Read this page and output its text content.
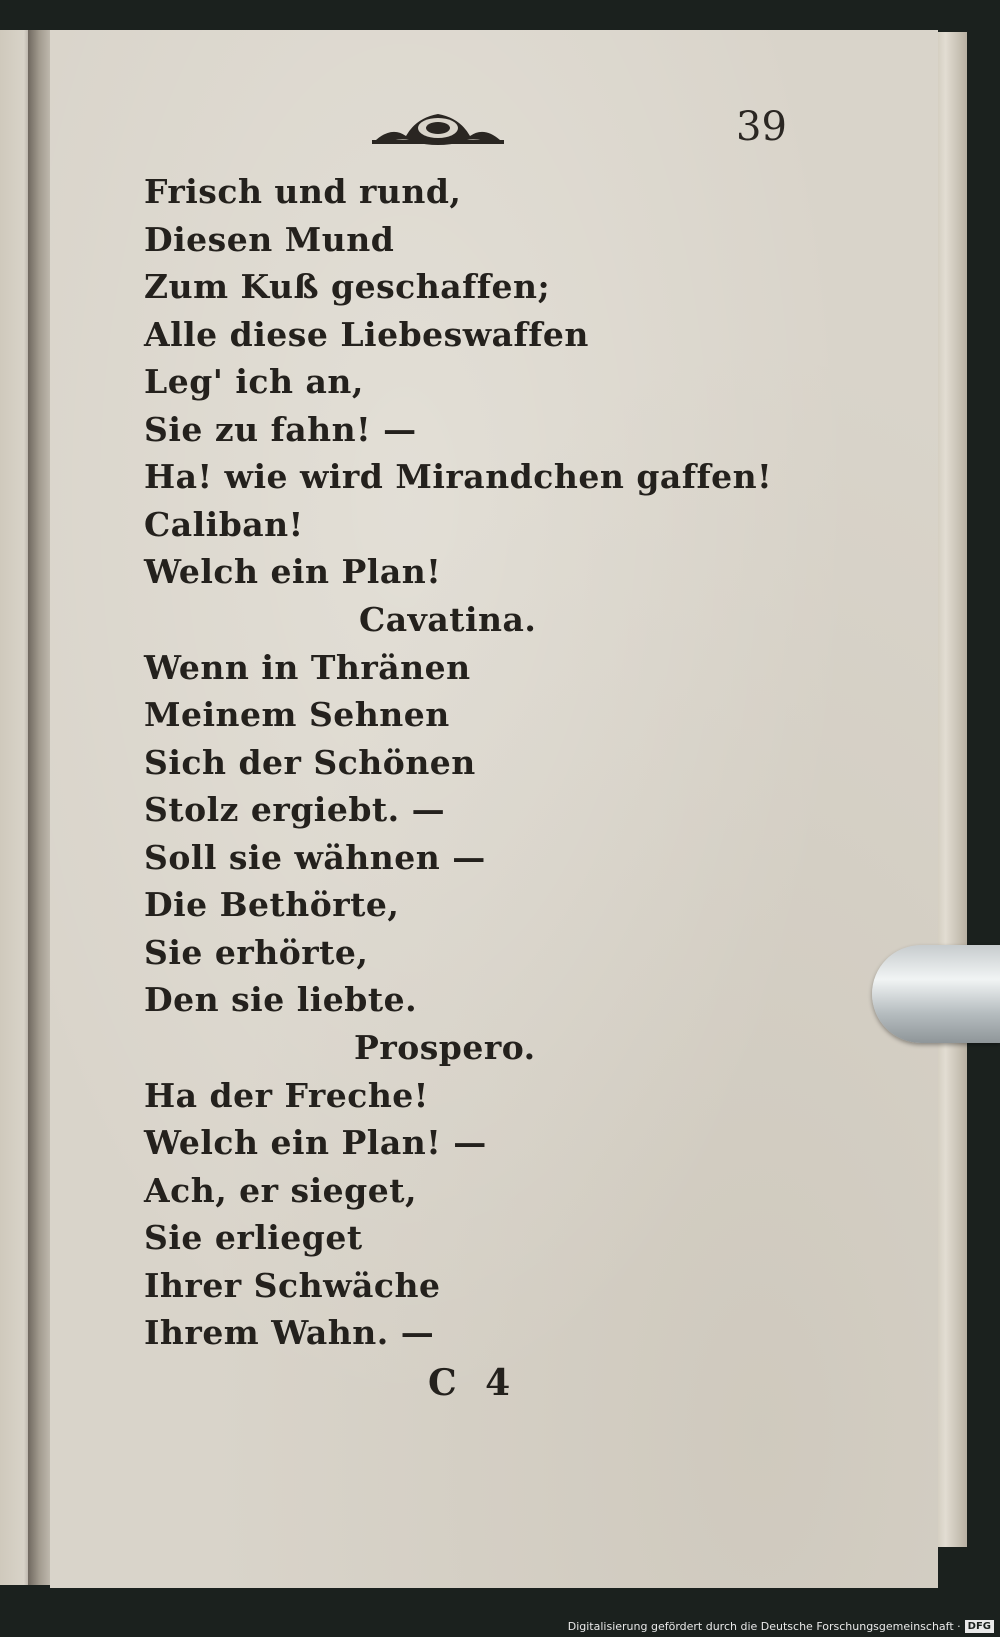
39

Frisch und rund,
Diesen Mund
Zum Kuß geschaffen;
Alle diese Liebeswaffen
Leg' ich an,
Sie zu fahn! —
Ha! wie wird Mirandchen gaffen!
Caliban!
Welch ein Plan!
Cavatina.
Wenn in Thränen
Meinem Sehnen
Sich der Schönen
Stolz ergiebt. —
Soll sie wähnen —
Die Bethörte,
Sie erhörte,
Den sie liebte.
Prospero.
Ha der Freche!
Welch ein Plan! —
Ach, er sieget,
Sie erlieget
Ihrer Schwäche
Ihrem Wahn. —
C 4
Digitalisierung gefördert durch die Deutsche Forschungsgemeinschaft · DFG
